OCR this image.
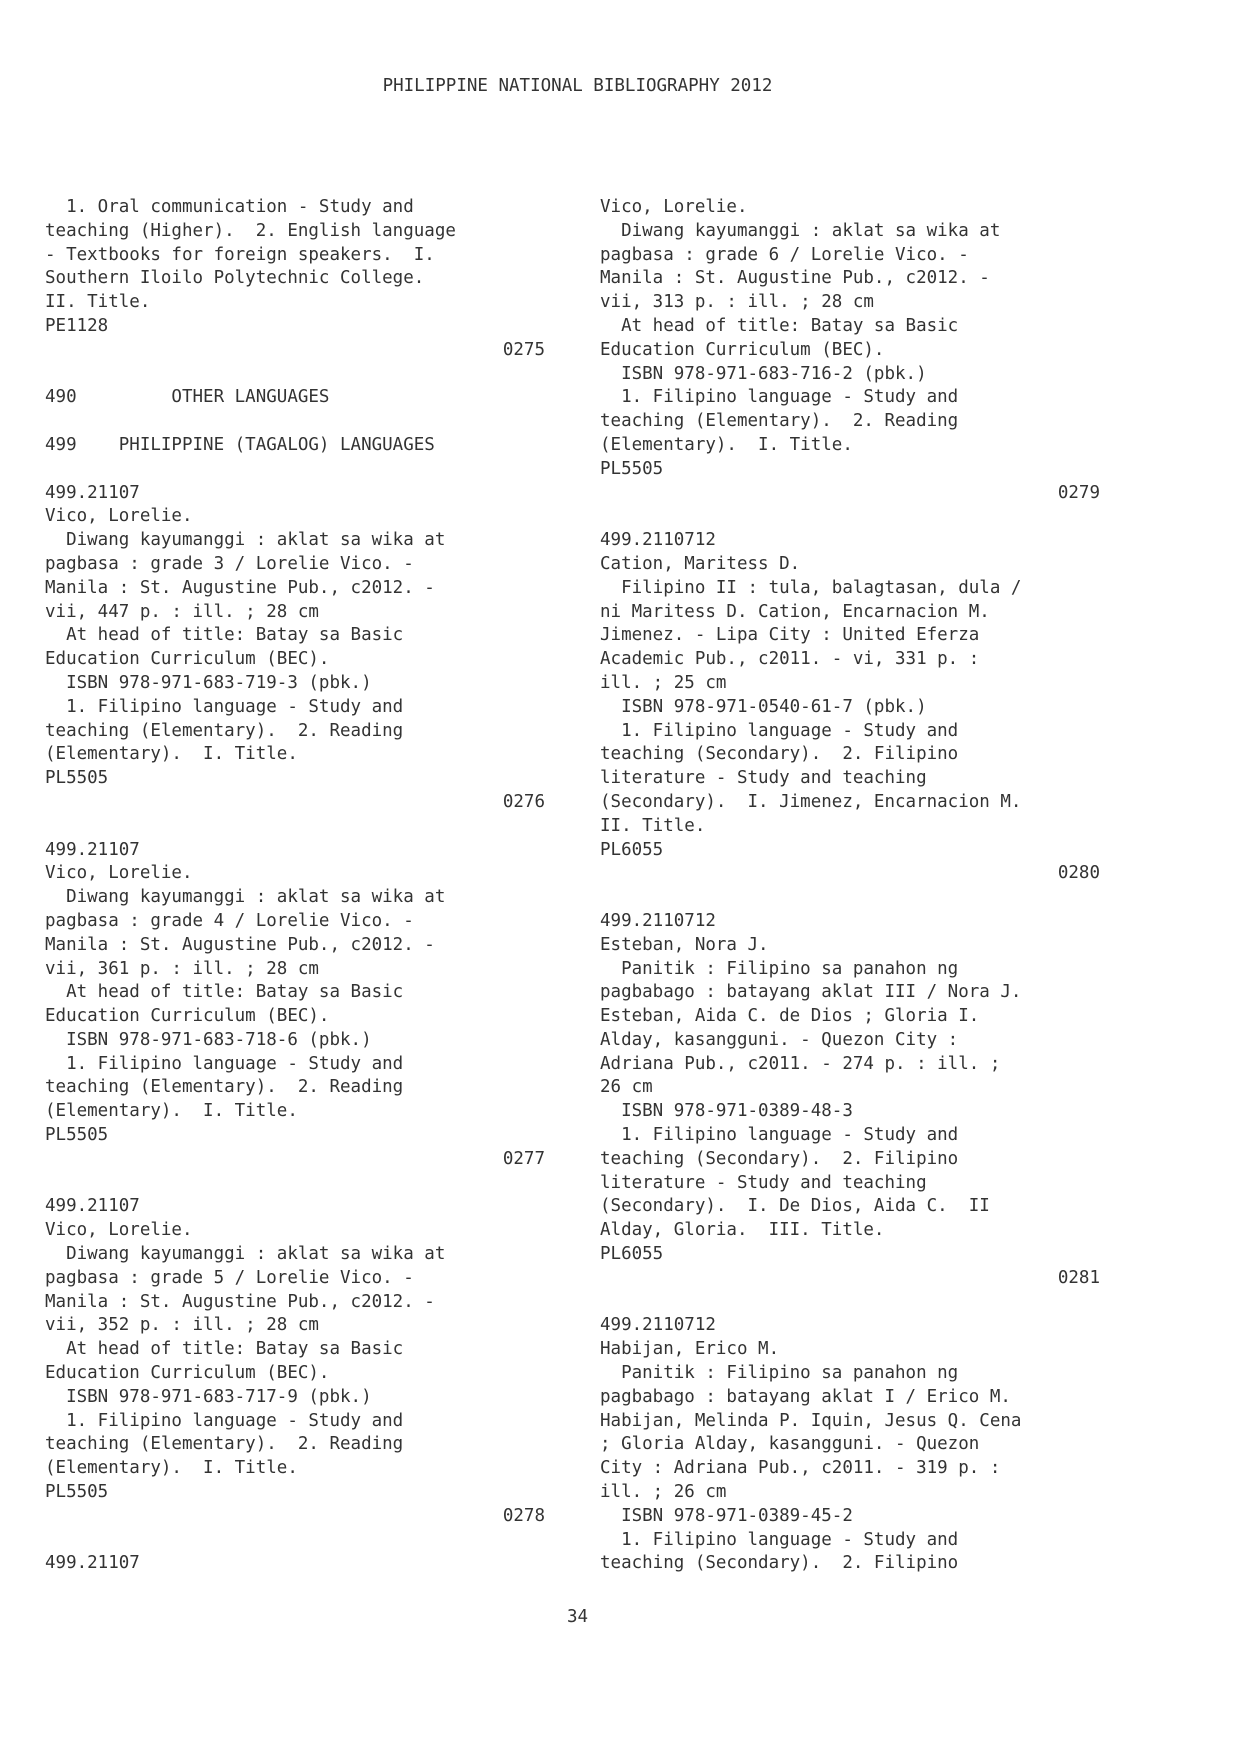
PHILIPPINE NATIONAL BIBLIOGRAPHY 2012
1. Oral communication - Study and
teaching (Higher).  2. English language
- Textbooks for foreign speakers.  I.
Southern Iloilo Polytechnic College.
II. Title.
PE1128
0275
490         OTHER LANGUAGES
499    PHILIPPINE (TAGALOG) LANGUAGES
499.21107
Vico, Lorelie.
Diwang kayumanggi : aklat sa wika at
pagbasa : grade 3 / Lorelie Vico. -
Manila : St. Augustine Pub., c2012. -
vii, 447 p. : ill. ; 28 cm
At head of title: Batay sa Basic
Education Curriculum (BEC).
ISBN 978-971-683-719-3 (pbk.)
1. Filipino language - Study and
teaching (Elementary).  2. Reading
(Elementary).  I. Title.
PL5505
0276
499.21107
Vico, Lorelie.
Diwang kayumanggi : aklat sa wika at
pagbasa : grade 4 / Lorelie Vico. -
Manila : St. Augustine Pub., c2012. -
vii, 361 p. : ill. ; 28 cm
At head of title: Batay sa Basic
Education Curriculum (BEC).
ISBN 978-971-683-718-6 (pbk.)
1. Filipino language - Study and
teaching (Elementary).  2. Reading
(Elementary).  I. Title.
PL5505
0277
499.21107
Vico, Lorelie.
Diwang kayumanggi : aklat sa wika at
pagbasa : grade 5 / Lorelie Vico. -
Manila : St. Augustine Pub., c2012. -
vii, 352 p. : ill. ; 28 cm
At head of title: Batay sa Basic
Education Curriculum (BEC).
ISBN 978-971-683-717-9 (pbk.)
1. Filipino language - Study and
teaching (Elementary).  2. Reading
(Elementary).  I. Title.
PL5505
0278
499.21107
Vico, Lorelie.
Diwang kayumanggi : aklat sa wika at
pagbasa : grade 6 / Lorelie Vico. -
Manila : St. Augustine Pub., c2012. -
vii, 313 p. : ill. ; 28 cm
At head of title: Batay sa Basic
Education Curriculum (BEC).
ISBN 978-971-683-716-2 (pbk.)
1. Filipino language - Study and
teaching (Elementary).  2. Reading
(Elementary).  I. Title.
PL5505
0279
499.2110712
Cation, Maritess D.
Filipino II : tula, balagtasan, dula /
ni Maritess D. Cation, Encarnacion M.
Jimenez. - Lipa City : United Eferza
Academic Pub., c2011. - vi, 331 p. :
ill. ; 25 cm
ISBN 978-971-0540-61-7 (pbk.)
1. Filipino language - Study and
teaching (Secondary).  2. Filipino
literature - Study and teaching
(Secondary).  I. Jimenez, Encarnacion M.
II. Title.
PL6055
0280
499.2110712
Esteban, Nora J.
Panitik : Filipino sa panahon ng
pagbabago : batayang aklat III / Nora J.
Esteban, Aida C. de Dios ; Gloria I.
Alday, kasangguni. - Quezon City :
Adriana Pub., c2011. - 274 p. : ill. ;
26 cm
ISBN 978-971-0389-48-3
1. Filipino language - Study and
teaching (Secondary).  2. Filipino
literature - Study and teaching
(Secondary).  I. De Dios, Aida C.  II
Alday, Gloria.  III. Title.
PL6055
0281
499.2110712
Habijan, Erico M.
Panitik : Filipino sa panahon ng
pagbabago : batayang aklat I / Erico M.
Habijan, Melinda P. Iquin, Jesus Q. Cena
; Gloria Alday, kasangguni. - Quezon
City : Adriana Pub., c2011. - 319 p. :
ill. ; 26 cm
ISBN 978-971-0389-45-2
1. Filipino language - Study and
teaching (Secondary).  2. Filipino
34
